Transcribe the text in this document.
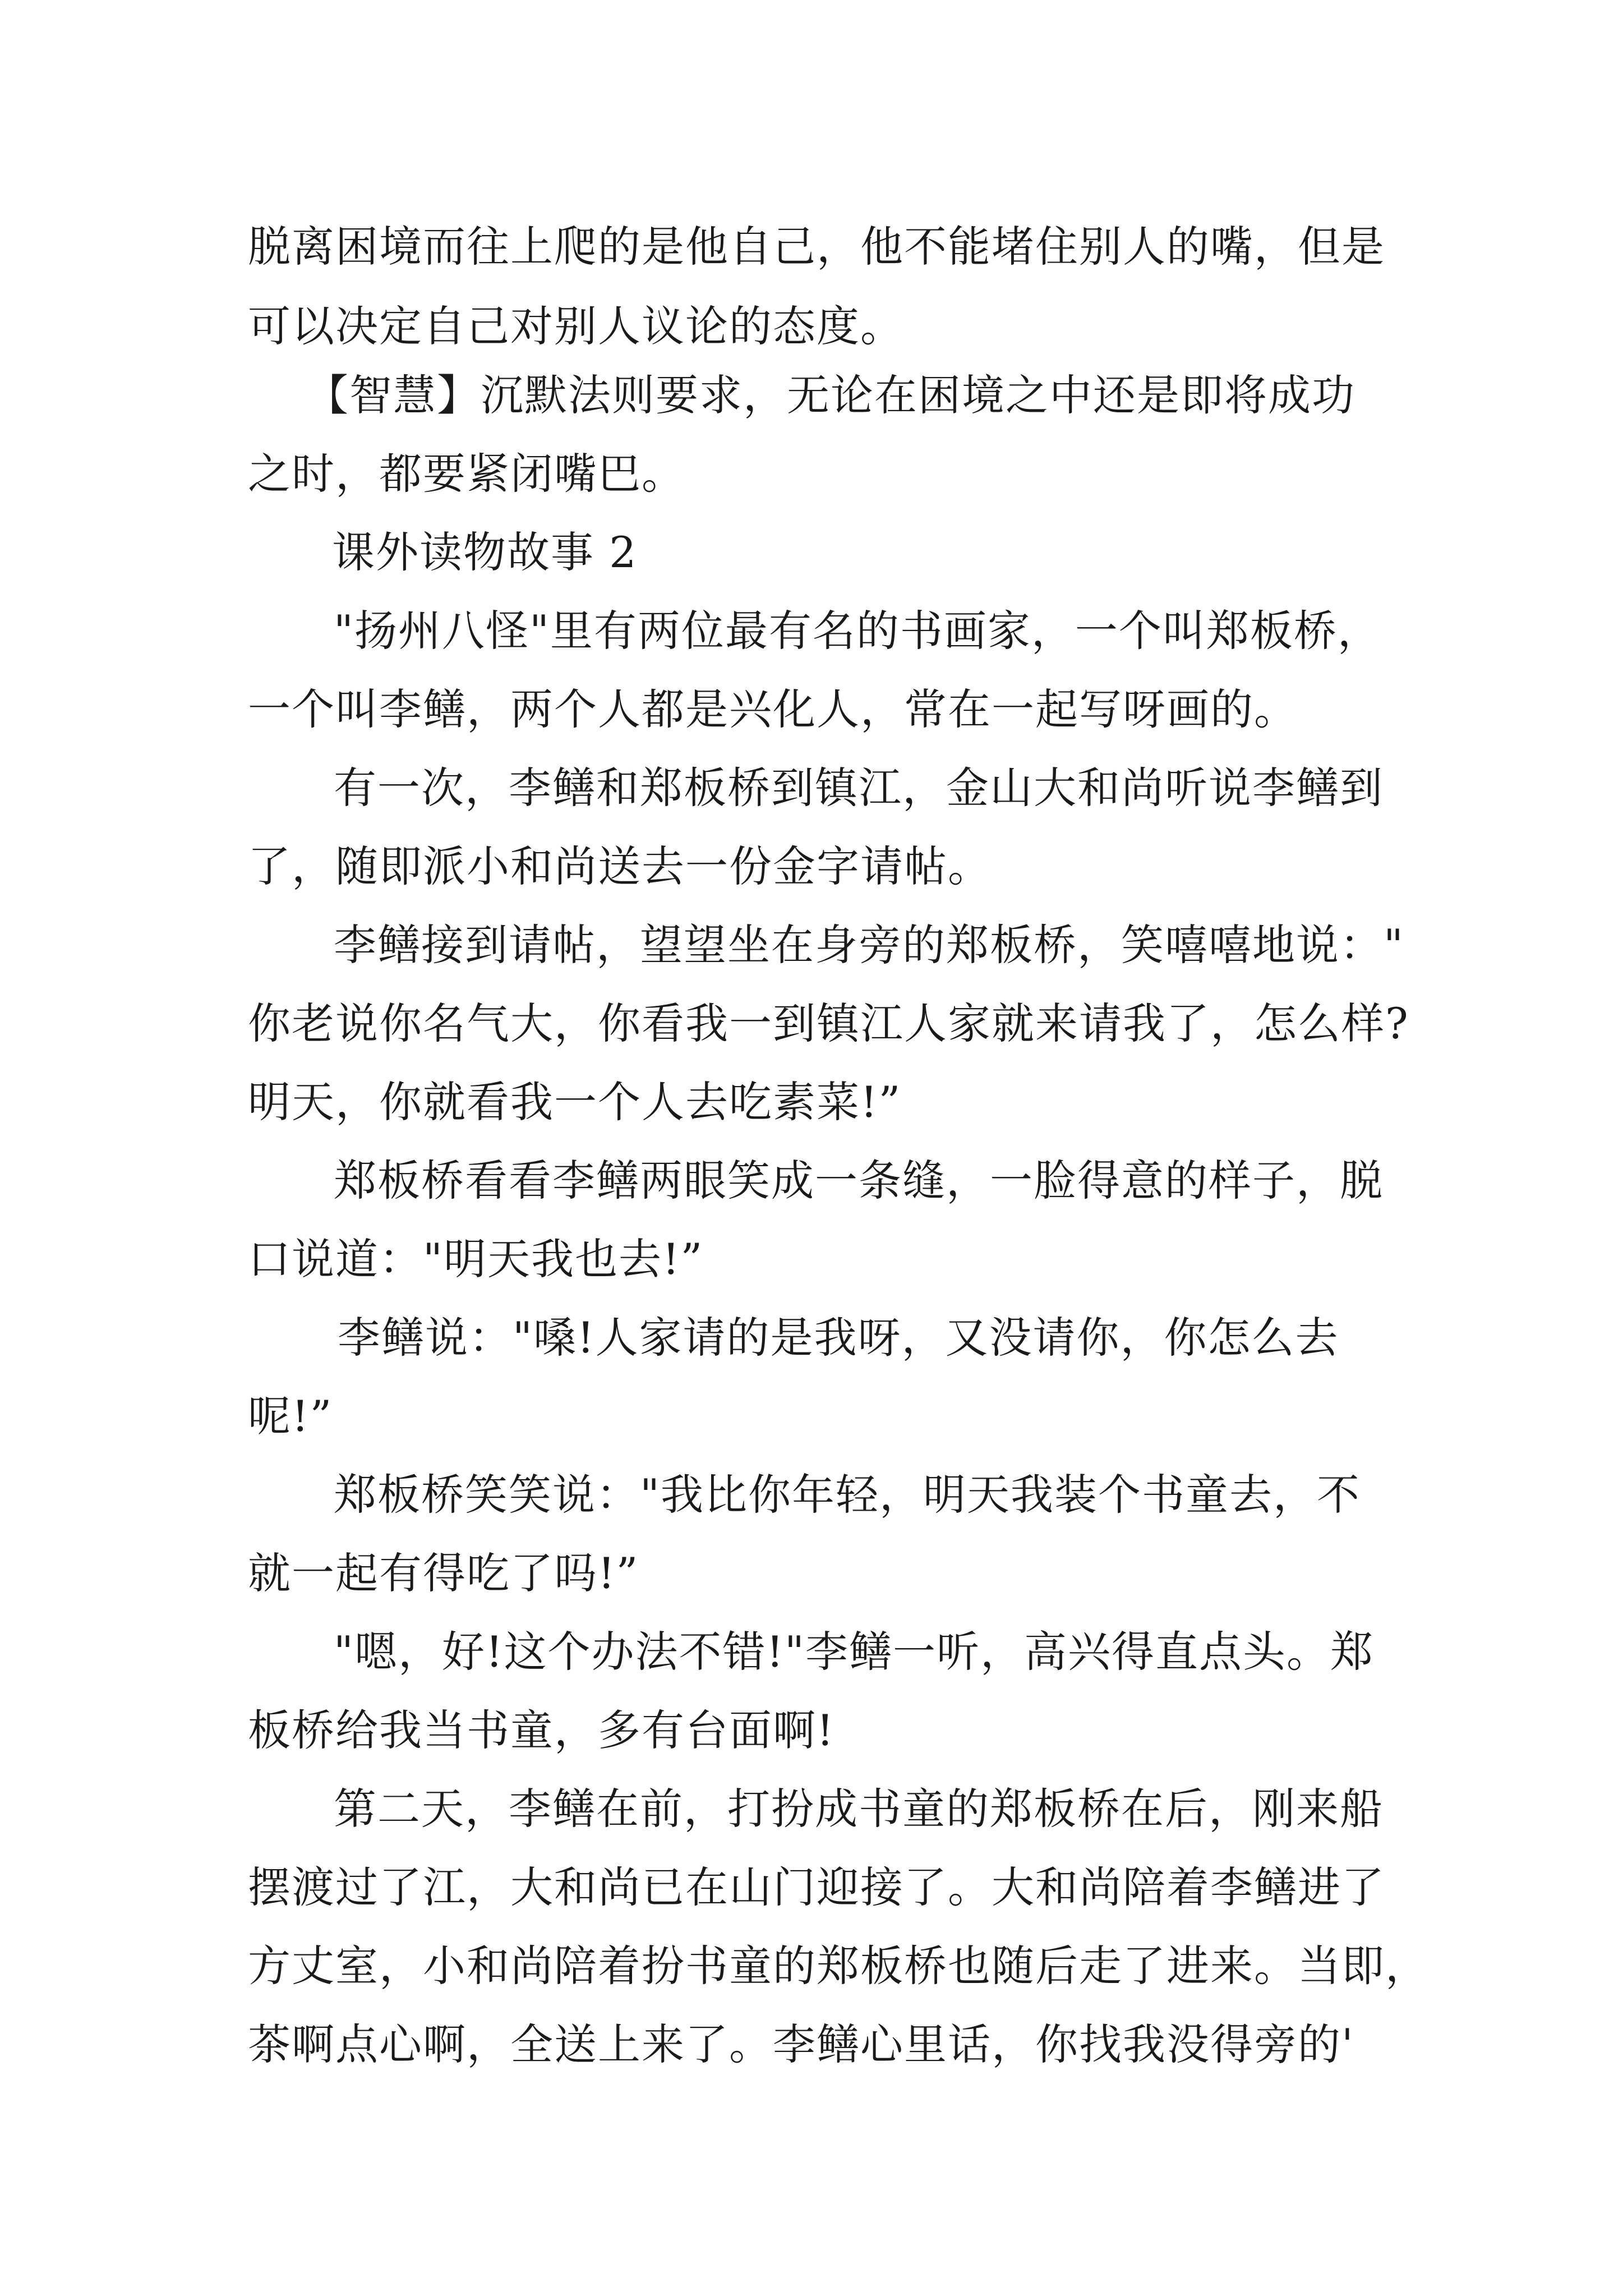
脱离困境而往上爬的是他自己，他不能堵住别人的嘴，但是
可以决定自己对别人议论的态度。
【智慧】沉默法则要求，无论在困境之中还是即将成功
之时，都要紧闭嘴巴。
课外读物故事 2
"扬州八怪"里有两位最有名的书画家，一个叫郑板桥，
一个叫李鳝，两个人都是兴化人，常在一起写呀画的。
有一次，李鳝和郑板桥到镇江，金山大和尚听说李鳝到
了，随即派小和尚送去一份金字请帖。
李鳝接到请帖，望望坐在身旁的郑板桥，笑嘻嘻地说："
你老说你名气大，你看我一到镇江人家就来请我了，怎么样?
明天，你就看我一个人去吃素菜!”
郑板桥看看李鳝两眼笑成一条缝，一脸得意的样子，脱
口说道："明天我也去!”
李鳝说："嗓!人家请的是我呀，又没请你，你怎么去
呢!”
郑板桥笑笑说："我比你年轻，明天我装个书童去，不
就一起有得吃了吗!”
"嗯，好!这个办法不错!"李鳝一听，高兴得直点头。郑
板桥给我当书童，多有台面啊!
第二天，李鳝在前，打扮成书童的郑板桥在后，刚来船
摆渡过了江，大和尚已在山门迎接了。大和尚陪着李鳝进了
方丈室，小和尚陪着扮书童的郑板桥也随后走了进来。当即，
茶啊点心啊，全送上来了。李鳝心里话，你找我没得旁的'
